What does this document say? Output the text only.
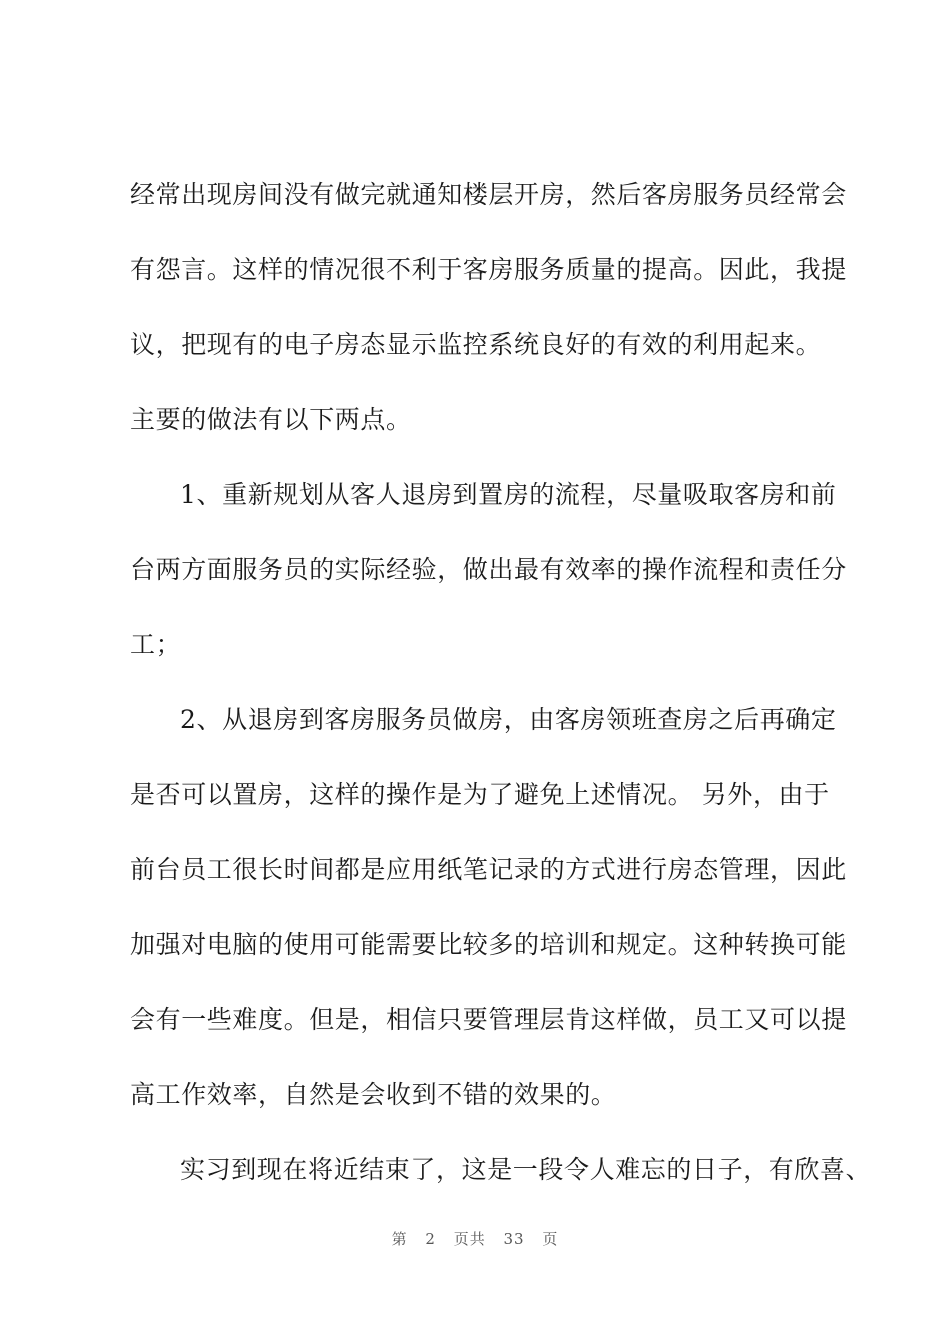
经常出现房间没有做完就通知楼层开房，然后客房服务员经常会
有怨言。这样的情况很不利于客房服务质量的提高。因此，我提
议，把现有的电子房态显示监控系统良好的有效的利用起来。
主要的做法有以下两点。
1、重新规划从客人退房到置房的流程，尽量吸取客房和前
台两方面服务员的实际经验，做出最有效率的操作流程和责任分
工；
2、从退房到客房服务员做房，由客房领班查房之后再确定
是否可以置房，这样的操作是为了避免上述情况。 另外，由于
前台员工很长时间都是应用纸笔记录的方式进行房态管理，因此
加强对电脑的使用可能需要比较多的培训和规定。这种转换可能
会有一些难度。但是，相信只要管理层肯这样做，员工又可以提
高工作效率，自然是会收到不错的效果的。
实习到现在将近结束了，这是一段令人难忘的日子，有欣喜、
第 2 页共 33 页
